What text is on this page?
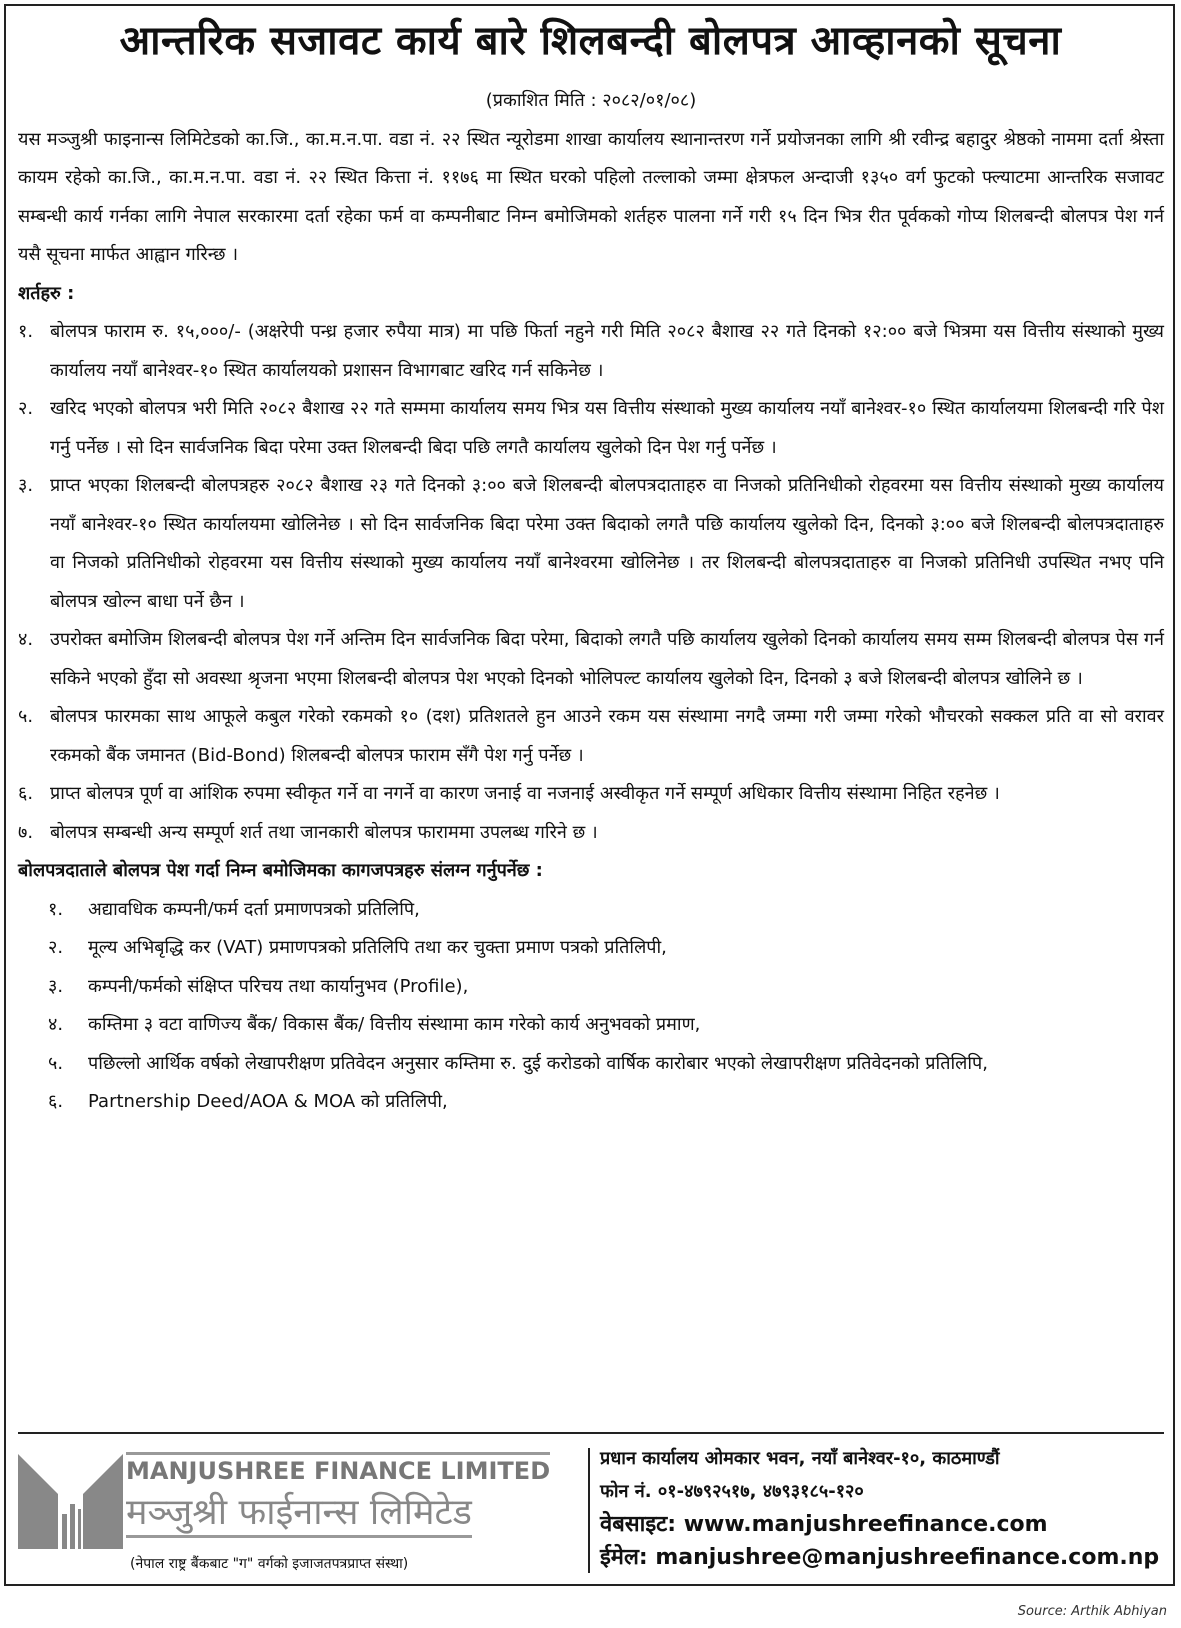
आन्तरिक सजावट कार्य बारे शिलबन्दी बोलपत्र आव्हानको सूचना
(प्रकाशित मिति : २०८२/०१/०८)
यस मञ्जुश्री फाइनान्स लिमिटेडको का.जि., का.म.न.पा. वडा नं. २२ स्थित न्यूरोडमा शाखा कार्यालय स्थानान्तरण गर्ने प्रयोजनका लागि श्री रवीन्द्र बहादुर श्रेष्ठको नाममा दर्ता श्रेस्ता कायम रहेको का.जि., का.म.न.पा. वडा नं. २२ स्थित कित्ता नं. ११७६ मा स्थित घरको पहिलो तल्लाको जम्मा क्षेत्रफल अन्दाजी १३५० वर्ग फुटको फ्ल्याटमा आन्तरिक सजावट सम्बन्धी कार्य गर्नका लागि नेपाल सरकारमा दर्ता रहेका फर्म वा कम्पनीबाट निम्न बमोजिमको शर्तहरु पालना गर्ने गरी १५ दिन भित्र रीत पूर्वकको गोप्य शिलबन्दी बोलपत्र पेश गर्न यसै सूचना मार्फत आह्वान गरिन्छ ।
शर्तहरु :
१. बोलपत्र फाराम रु. १५,०००/- (अक्षरेपी पन्ध्र हजार रुपैया मात्र) मा पछि फिर्ता नहुने गरी मिति २०८२ बैशाख २२ गते दिनको १२:०० बजे भित्रमा यस वित्तीय संस्थाको मुख्य कार्यालय नयाँ बानेश्वर-१० स्थित कार्यालयको प्रशासन विभागबाट खरिद गर्न सकिनेछ ।
२. खरिद भएको बोलपत्र भरी मिति २०८२ बैशाख २२ गते सम्ममा कार्यालय समय भित्र यस वित्तीय संस्थाको मुख्य कार्यालय नयाँ बानेश्वर-१० स्थित कार्यालयमा शिलबन्दी गरि पेश गर्नु पर्नेछ । सो दिन सार्वजनिक बिदा परेमा उक्त शिलबन्दी बिदा पछि लगतै कार्यालय खुलेको दिन पेश गर्नु पर्नेछ ।
३. प्राप्त भएका शिलबन्दी बोलपत्रहरु २०८२ बैशाख २३ गते दिनको ३:०० बजे शिलबन्दी बोलपत्रदाताहरु वा निजको प्रतिनिधीको रोहवरमा यस वित्तीय संस्थाको मुख्य कार्यालय नयाँ बानेश्वर-१० स्थित कार्यालयमा खोलिनेछ । सो दिन सार्वजनिक बिदा परेमा उक्त बिदाको लगतै पछि कार्यालय खुलेको दिन, दिनको ३:०० बजे शिलबन्दी बोलपत्रदाताहरु वा निजको प्रतिनिधीको रोहवरमा यस वित्तीय संस्थाको मुख्य कार्यालय नयाँ बानेश्वरमा खोलिनेछ । तर शिलबन्दी बोलपत्रदाताहरु वा निजको प्रतिनिधी उपस्थित नभए पनि बोलपत्र खोल्न बाधा पर्ने छैन ।
४. उपरोक्त बमोजिम शिलबन्दी बोलपत्र पेश गर्ने अन्तिम दिन सार्वजनिक बिदा परेमा, बिदाको लगतै पछि कार्यालय खुलेको दिनको कार्यालय समय सम्म शिलबन्दी बोलपत्र पेस गर्न सकिने भएको हुँदा सो अवस्था श्रृजना भएमा शिलबन्दी बोलपत्र पेश भएको दिनको भोलिपल्ट कार्यालय खुलेको दिन, दिनको ३ बजे शिलबन्दी बोलपत्र खोलिने छ ।
५. बोलपत्र फारमका साथ आफूले कबुल गरेको रकमको १० (दश) प्रतिशतले हुन आउने रकम यस संस्थामा नगदै जम्मा गरी जम्मा गरेको भौचरको सक्कल प्रति वा सो वरावर रकमको बैंक जमानत (Bid-Bond) शिलबन्दी बोलपत्र फाराम सँगै पेश गर्नु पर्नेछ ।
६. प्राप्त बोलपत्र पूर्ण वा आंशिक रुपमा स्वीकृत गर्ने वा नगर्ने वा कारण जनाई वा नजनाई अस्वीकृत गर्ने सम्पूर्ण अधिकार वित्तीय संस्थामा निहित रहनेछ ।
७. बोलपत्र सम्बन्धी अन्य सम्पूर्ण शर्त तथा जानकारी बोलपत्र फाराममा उपलब्ध गरिने छ ।
बोलपत्रदाताले बोलपत्र पेश गर्दा निम्न बमोजिमका कागजपत्रहरु संलग्न गर्नुपर्नेछ :
१.	अद्यावधिक कम्पनी/फर्म दर्ता प्रमाणपत्रको प्रतिलिपि,
२.	मूल्य अभिबृद्धि कर (VAT) प्रमाणपत्रको प्रतिलिपि तथा कर चुक्ता प्रमाण पत्रको प्रतिलिपी,
३.	कम्पनी/फर्मको संक्षिप्त परिचय तथा कार्यानुभव (Profile),
४.	कम्तिमा ३ वटा वाणिज्य बैंक/ विकास बैंक/ वित्तीय संस्थामा काम गरेको कार्य अनुभवको प्रमाण,
५.	पछिल्लो आर्थिक वर्षको लेखापरीक्षण प्रतिवेदन अनुसार कम्तिमा रु. दुई करोडको वार्षिक कारोबार भएको लेखापरीक्षण प्रतिवेदनको प्रतिलिपि,
६.	Partnership Deed/AOA & MOA को प्रतिलिपी,
MANJUSHREE FINANCE LIMITED
मञ्जुश्री फाईनान्स लिमिटेड
(नेपाल राष्ट्र बैंकबाट "ग" वर्गको इजाजतपत्रप्राप्त संस्था)
प्रधान कार्यालय ओमकार भवन, नयाँ बानेश्वर-१०, काठमाण्डौं
फोन नं. ०१-४७९२५१७, ४७९३१८५-१२०
वेबसाइट: www.manjushreefinance.com
ईमेल: manjushree@manjushreefinance.com.np
Source: Arthik Abhiyan
